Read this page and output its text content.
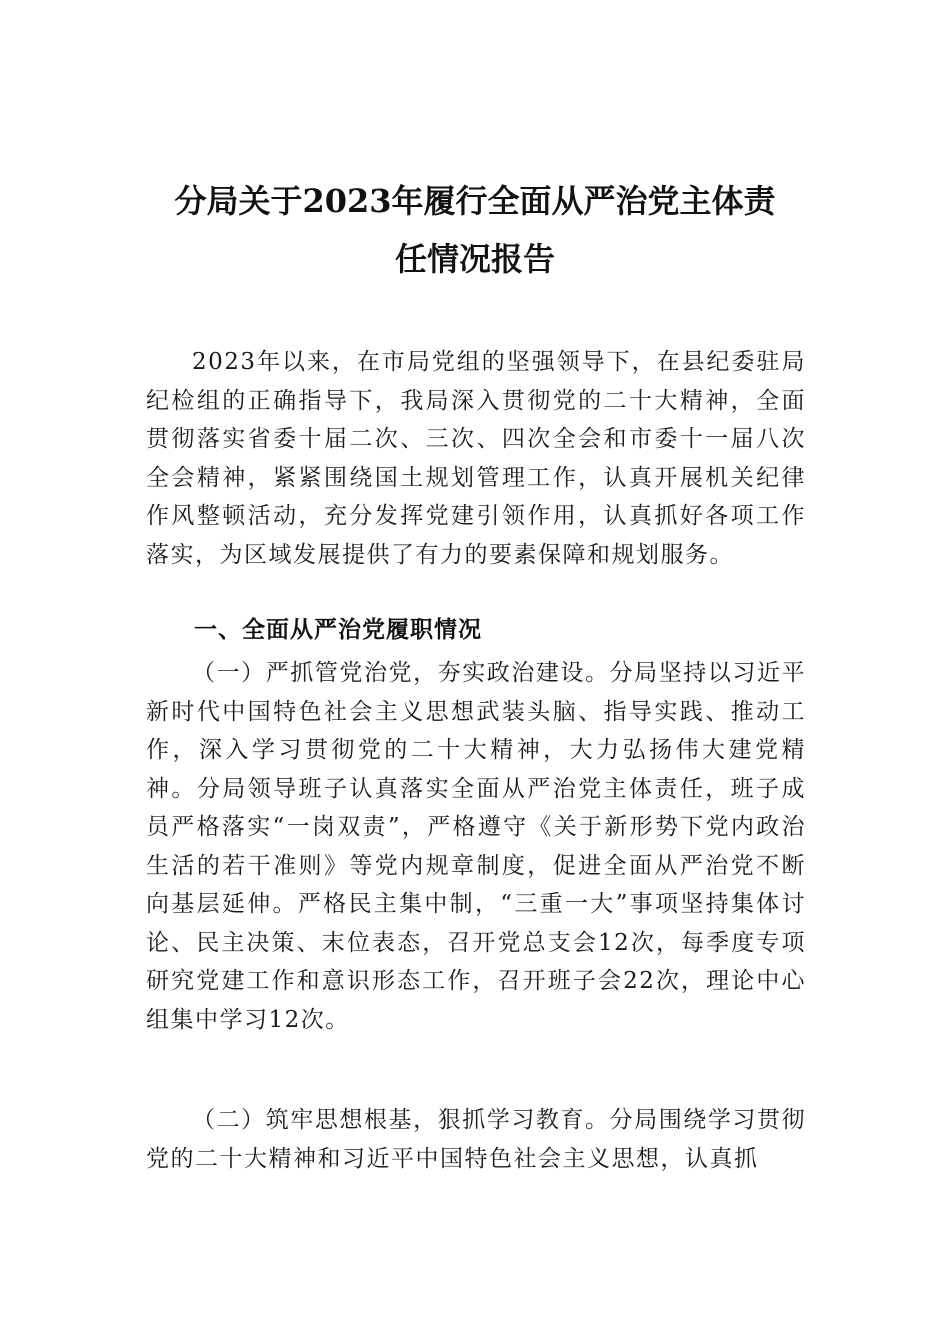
分局关于2023年履行全面从严治党主体责
任情况报告

2023年以来，在市局党组的坚强领导下，在县纪委驻局纪检组的正确指导下，我局深入贯彻党的二十大精神，全面贯彻落实省委十届二次、三次、四次全会和市委十一届八次全会精神，紧紧围绕国土规划管理工作，认真开展机关纪律作风整顿活动，充分发挥党建引领作用，认真抓好各项工作落实，为区域发展提供了有力的要素保障和规划服务。

一、全面从严治党履职情况

（一）严抓管党治党，夯实政治建设。分局坚持以习近平新时代中国特色社会主义思想武装头脑、指导实践、推动工作，深入学习贯彻党的二十大精神，大力弘扬伟大建党精神。分局领导班子认真落实全面从严治党主体责任，班子成员严格落实“一岗双责”，严格遵守《关于新形势下党内政治生活的若干准则》等党内规章制度，促进全面从严治党不断向基层延伸。严格民主集中制，“三重一大”事项坚持集体讨论、民主决策、末位表态，召开党总支会12次，每季度专项研究党建工作和意识形态工作，召开班子会22次，理论中心组集中学习12次。

（二）筑牢思想根基，狠抓学习教育。分局围绕学习贯彻党的二十大精神和习近平中国特色社会主义思想，认真抓
